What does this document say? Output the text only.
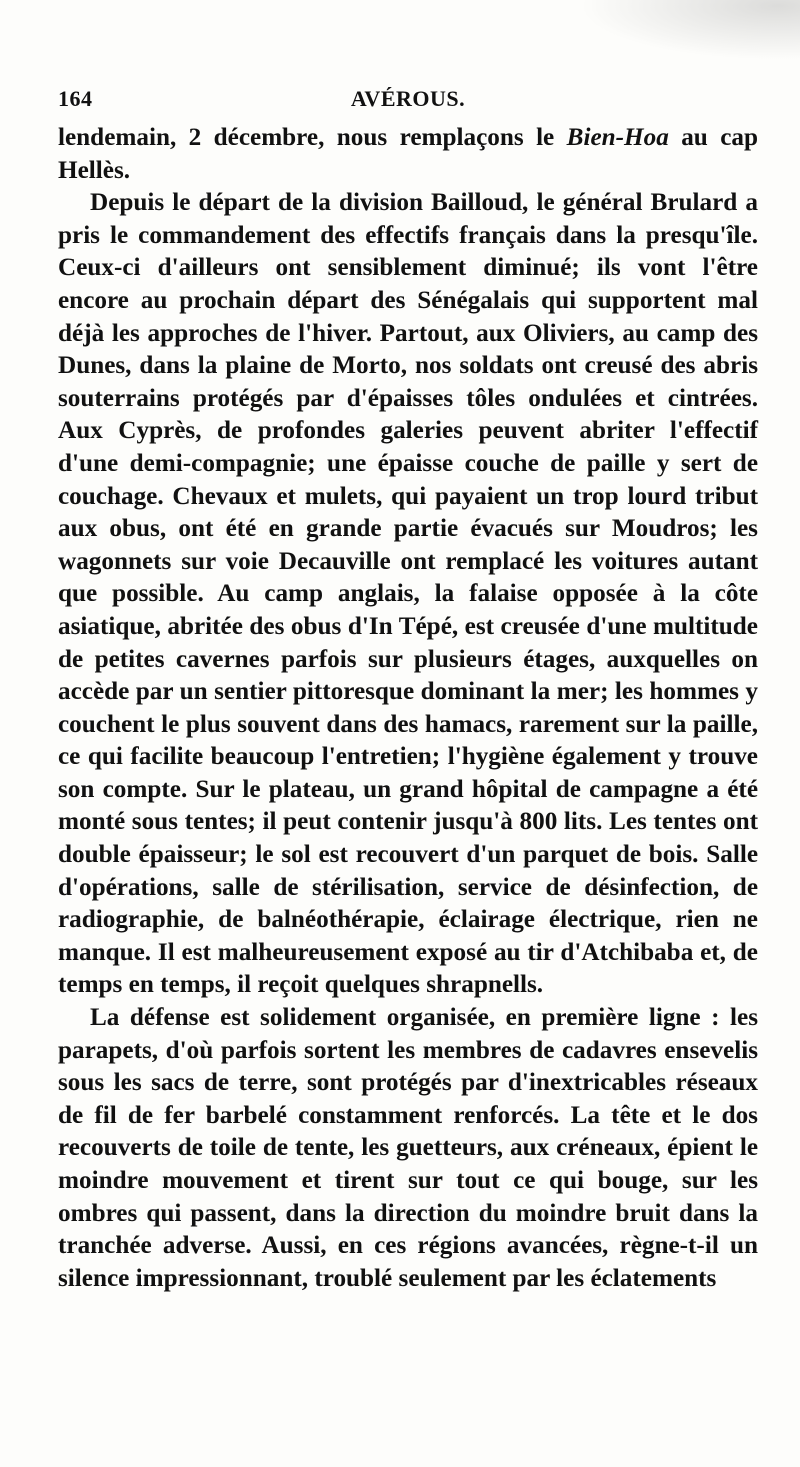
164	AVÉROUS.

lendemain, 2 décembre, nous remplaçons le Bien-Hoa au cap Hellès.

Depuis le départ de la division Bailloud, le général Brulard a pris le commandement des effectifs français dans la presqu'île. Ceux-ci d'ailleurs ont sensiblement diminué; ils vont l'être encore au prochain départ des Sénégalais qui supportent mal déjà les approches de l'hiver. Partout, aux Oliviers, au camp des Dunes, dans la plaine de Morto, nos soldats ont creusé des abris souterrains protégés par d'épaisses tôles ondulées et cintrées. Aux Cyprès, de profondes galeries peuvent abriter l'effectif d'une demi-compagnie; une épaisse couche de paille y sert de couchage. Chevaux et mulets, qui payaient un trop lourd tribut aux obus, ont été en grande partie évacués sur Moudros; les wagonnets sur voie Decauville ont remplacé les voitures autant que possible. Au camp anglais, la falaise opposée à la côte asiatique, abritée des obus d'In Tépé, est creusée d'une multitude de petites cavernes parfois sur plusieurs étages, auxquelles on accède par un sentier pittoresque dominant la mer; les hommes y couchent le plus souvent dans des hamacs, rarement sur la paille, ce qui facilite beaucoup l'entretien; l'hygiène également y trouve son compte. Sur le plateau, un grand hôpital de campagne a été monté sous tentes; il peut contenir jusqu'à 800 lits. Les tentes ont double épaisseur; le sol est recouvert d'un parquet de bois. Salle d'opérations, salle de stérilisation, service de désinfection, de radiographie, de balnéothérapie, éclairage électrique, rien ne manque. Il est malheureusement exposé au tir d'Atchibaba et, de temps en temps, il reçoit quelques shrapnells.

La défense est solidement organisée, en première ligne : les parapets, d'où parfois sortent les membres de cadavres ensevelis sous les sacs de terre, sont protégés par d'inextricables réseaux de fil de fer barbelé constamment renforcés. La tête et le dos recouverts de toile de tente, les guetteurs, aux créneaux, épient le moindre mouvement et tirent sur tout ce qui bouge, sur les ombres qui passent, dans la direction du moindre bruit dans la tranchée adverse. Aussi, en ces régions avancées, règne-t-il un silence impressionnant, troublé seulement par les éclatements
